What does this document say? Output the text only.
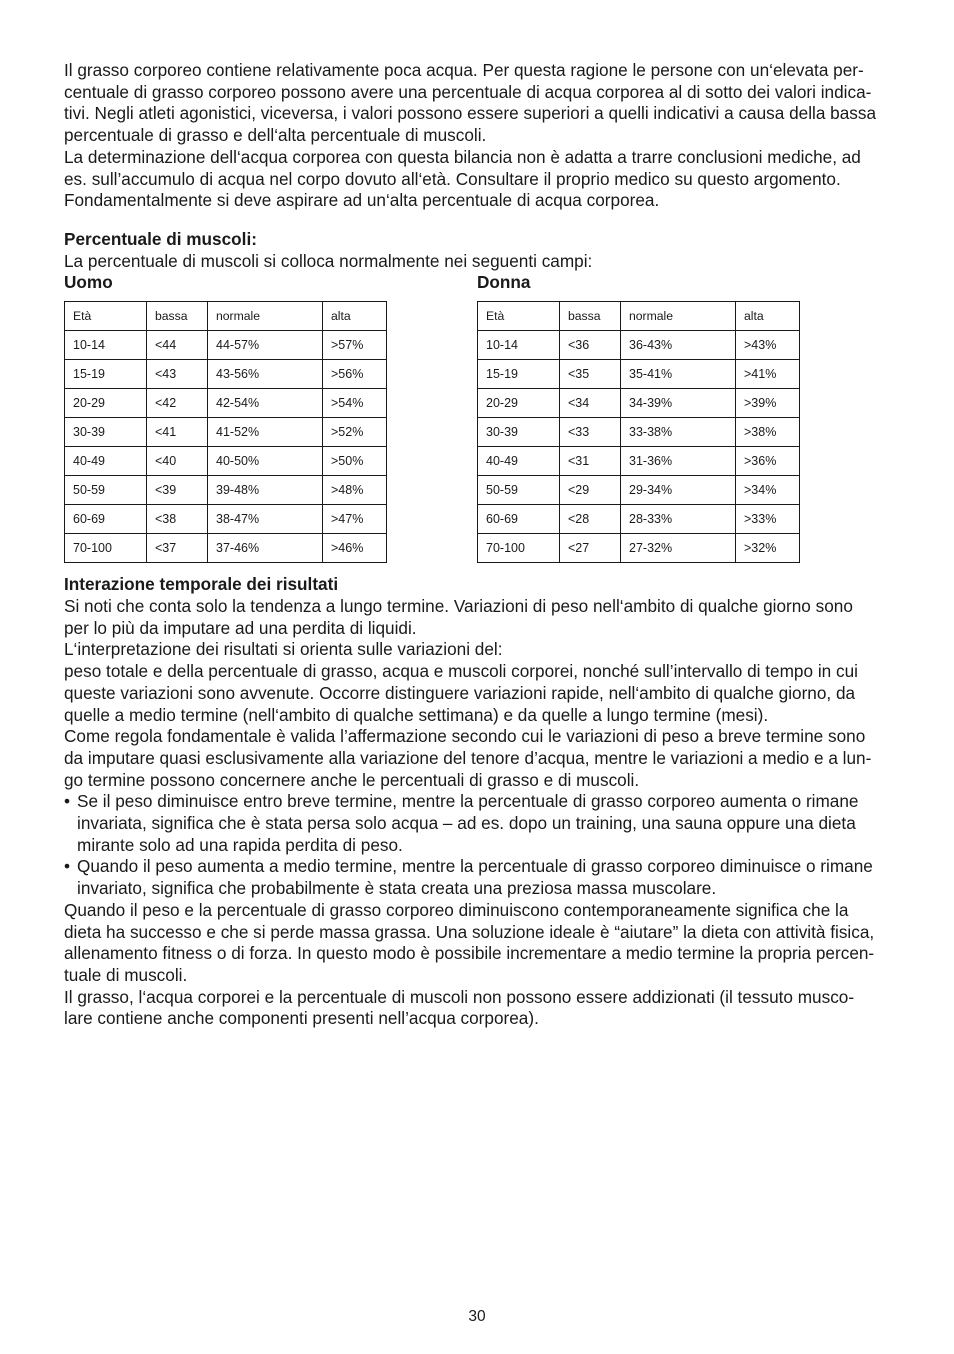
Il grasso corporeo contiene relativamente poca acqua. Per questa ragione le persone con un‘elevata per-

centuale di grasso corporeo possono avere una percentuale di acqua corporea al di sotto dei valori indica-

tivi. Negli atleti agonistici, viceversa, i valori possono essere superiori a quelli indicativi a causa della bassa

percentuale di grasso e dell‘alta percentuale di muscoli.

La determinazione dell‘acqua corporea con questa bilancia non è adatta a trarre conclusioni mediche, ad

es. sull’accumulo di acqua nel corpo dovuto all‘età. Consultare il proprio medico su questo argomento.

Fondamentalmente si deve aspirare ad un‘alta percentuale di acqua corporea.

Percentuale di muscoli:

La percentuale di muscoli si colloca normalmente nei seguenti campi:

Uomo	Donna

Età	bassa	normale	alta
10-14	<44	44-57%	>57%
15-19	<43	43-56%	>56%
20-29	<42	42-54%	>54%
30-39	<41	41-52%	>52%
40-49	<40	40-50%	>50%
50-59	<39	39-48%	>48%
60-69	<38	38-47%	>47%
70-100	<37	37-46%	>46%
Età	bassa	normale	alta
10-14	<36	36-43%	>43%
15-19	<35	35-41%	>41%
20-29	<34	34-39%	>39%
30-39	<33	33-38%	>38%
40-49	<31	31-36%	>36%
50-59	<29	29-34%	>34%
60-69	<28	28-33%	>33%
70-100	<27	27-32%	>32%

Interazione temporale dei risultati

Si noti che conta solo la tendenza a lungo termine. Variazioni di peso nell‘ambito di qualche giorno sono

per lo più da imputare ad una perdita di liquidi.

L‘interpretazione dei risultati si orienta sulle variazioni del:

peso totale e della percentuale di grasso, acqua e muscoli corporei, nonché sull’intervallo di tempo in cui

queste variazioni sono avvenute. Occorre distinguere variazioni rapide, nell‘ambito di qualche giorno, da

quelle a medio termine (nell‘ambito di qualche settimana) e da quelle a lungo termine (mesi).

Come regola fondamentale è valida l’affermazione secondo cui le variazioni di peso a breve termine sono

da imputare quasi esclusivamente alla variazione del tenore d’acqua, mentre le variazioni a medio e a lun-

go termine possono concernere anche le percentuali di grasso e di muscoli.

• Se il peso diminuisce entro breve termine, mentre la percentuale di grasso corporeo aumenta o rimane

invariata, significa che è stata persa solo acqua – ad es. dopo un training, una sauna oppure una dieta

mirante solo ad una rapida perdita di peso.

• Quando il peso aumenta a medio termine, mentre la percentuale di grasso corporeo diminuisce o rimane

invariato, significa che probabilmente è stata creata una preziosa massa muscolare.

Quando il peso e la percentuale di grasso corporeo diminuiscono contemporaneamente significa che la

dieta ha successo e che si perde massa grassa. Una soluzione ideale è “aiutare” la dieta con attività fisica,

allenamento fitness o di forza. In questo modo è possibile incrementare a medio termine la propria percen-

tuale di muscoli.

Il grasso, l‘acqua corporei e la percentuale di muscoli non possono essere addizionati (il tessuto musco-

lare contiene anche componenti presenti nell’acqua corporea).

30
